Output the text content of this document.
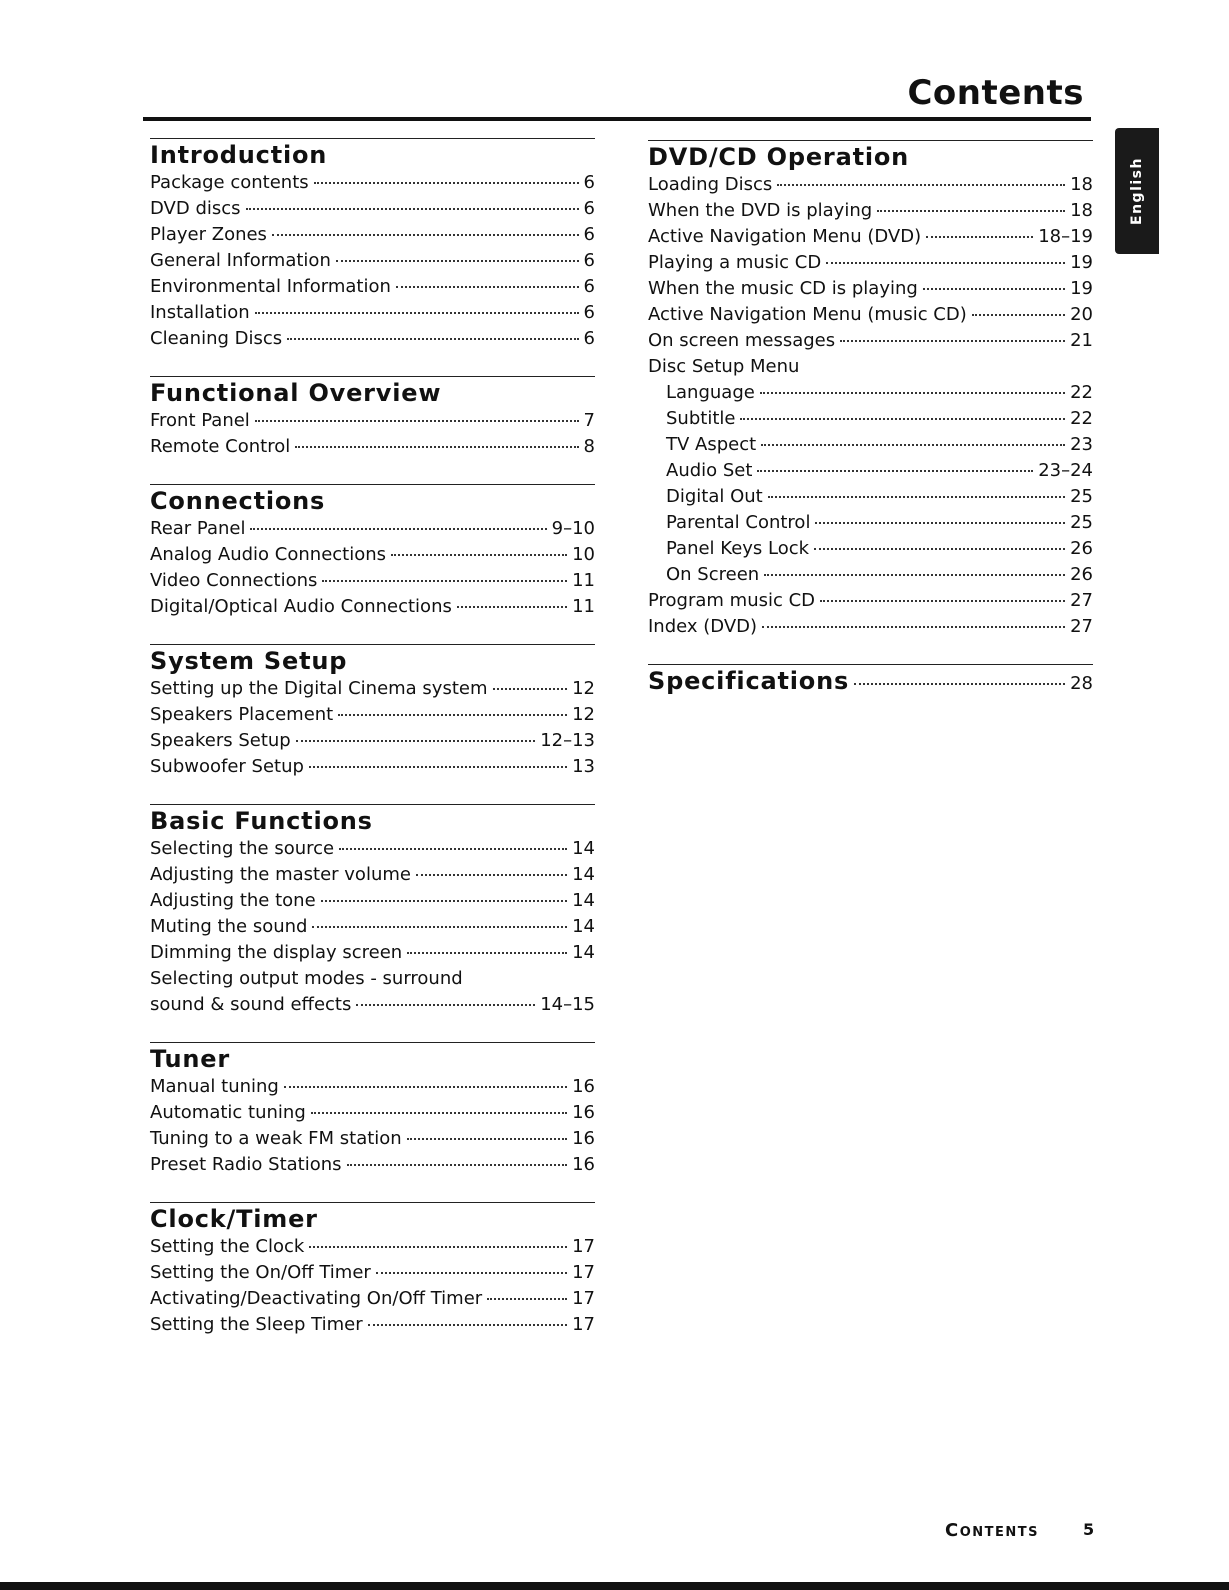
Contents
English
Introduction
Package contents	6
DVD discs	6
Player Zones	6
General Information	6
Environmental Information	6
Installation	6
Cleaning Discs	6
Functional Overview
Front Panel	7
Remote Control	8
Connections
Rear Panel	9–10
Analog Audio Connections	10
Video Connections	11
Digital/Optical Audio Connections	11
System Setup
Setting up the Digital Cinema system	12
Speakers Placement	12
Speakers Setup	12–13
Subwoofer Setup	13
Basic Functions
Selecting the source	14
Adjusting the master volume	14
Adjusting the tone	14
Muting the sound	14
Dimming the display screen	14
Selecting output modes - surround
sound & sound effects	14–15
Tuner
Manual tuning	16
Automatic tuning	16
Tuning to a weak FM station	16
Preset Radio Stations	16
Clock/Timer
Setting the Clock	17
Setting the On/Off Timer	17
Activating/Deactivating On/Off Timer	17
Setting the Sleep Timer	17
DVD/CD Operation
Loading Discs	18
When the DVD is playing	18
Active Navigation Menu (DVD)	18–19
Playing a music CD	19
When the music CD is playing	19
Active Navigation Menu (music CD)	20
On screen messages	21
Disc Setup Menu
Language	22
Subtitle	22
TV Aspect	23
Audio Set	23–24
Digital Out	25
Parental Control	25
Panel Keys Lock	26
On Screen	26
Program music CD	27
Index (DVD)	27
Specifications	28
Contents	5
